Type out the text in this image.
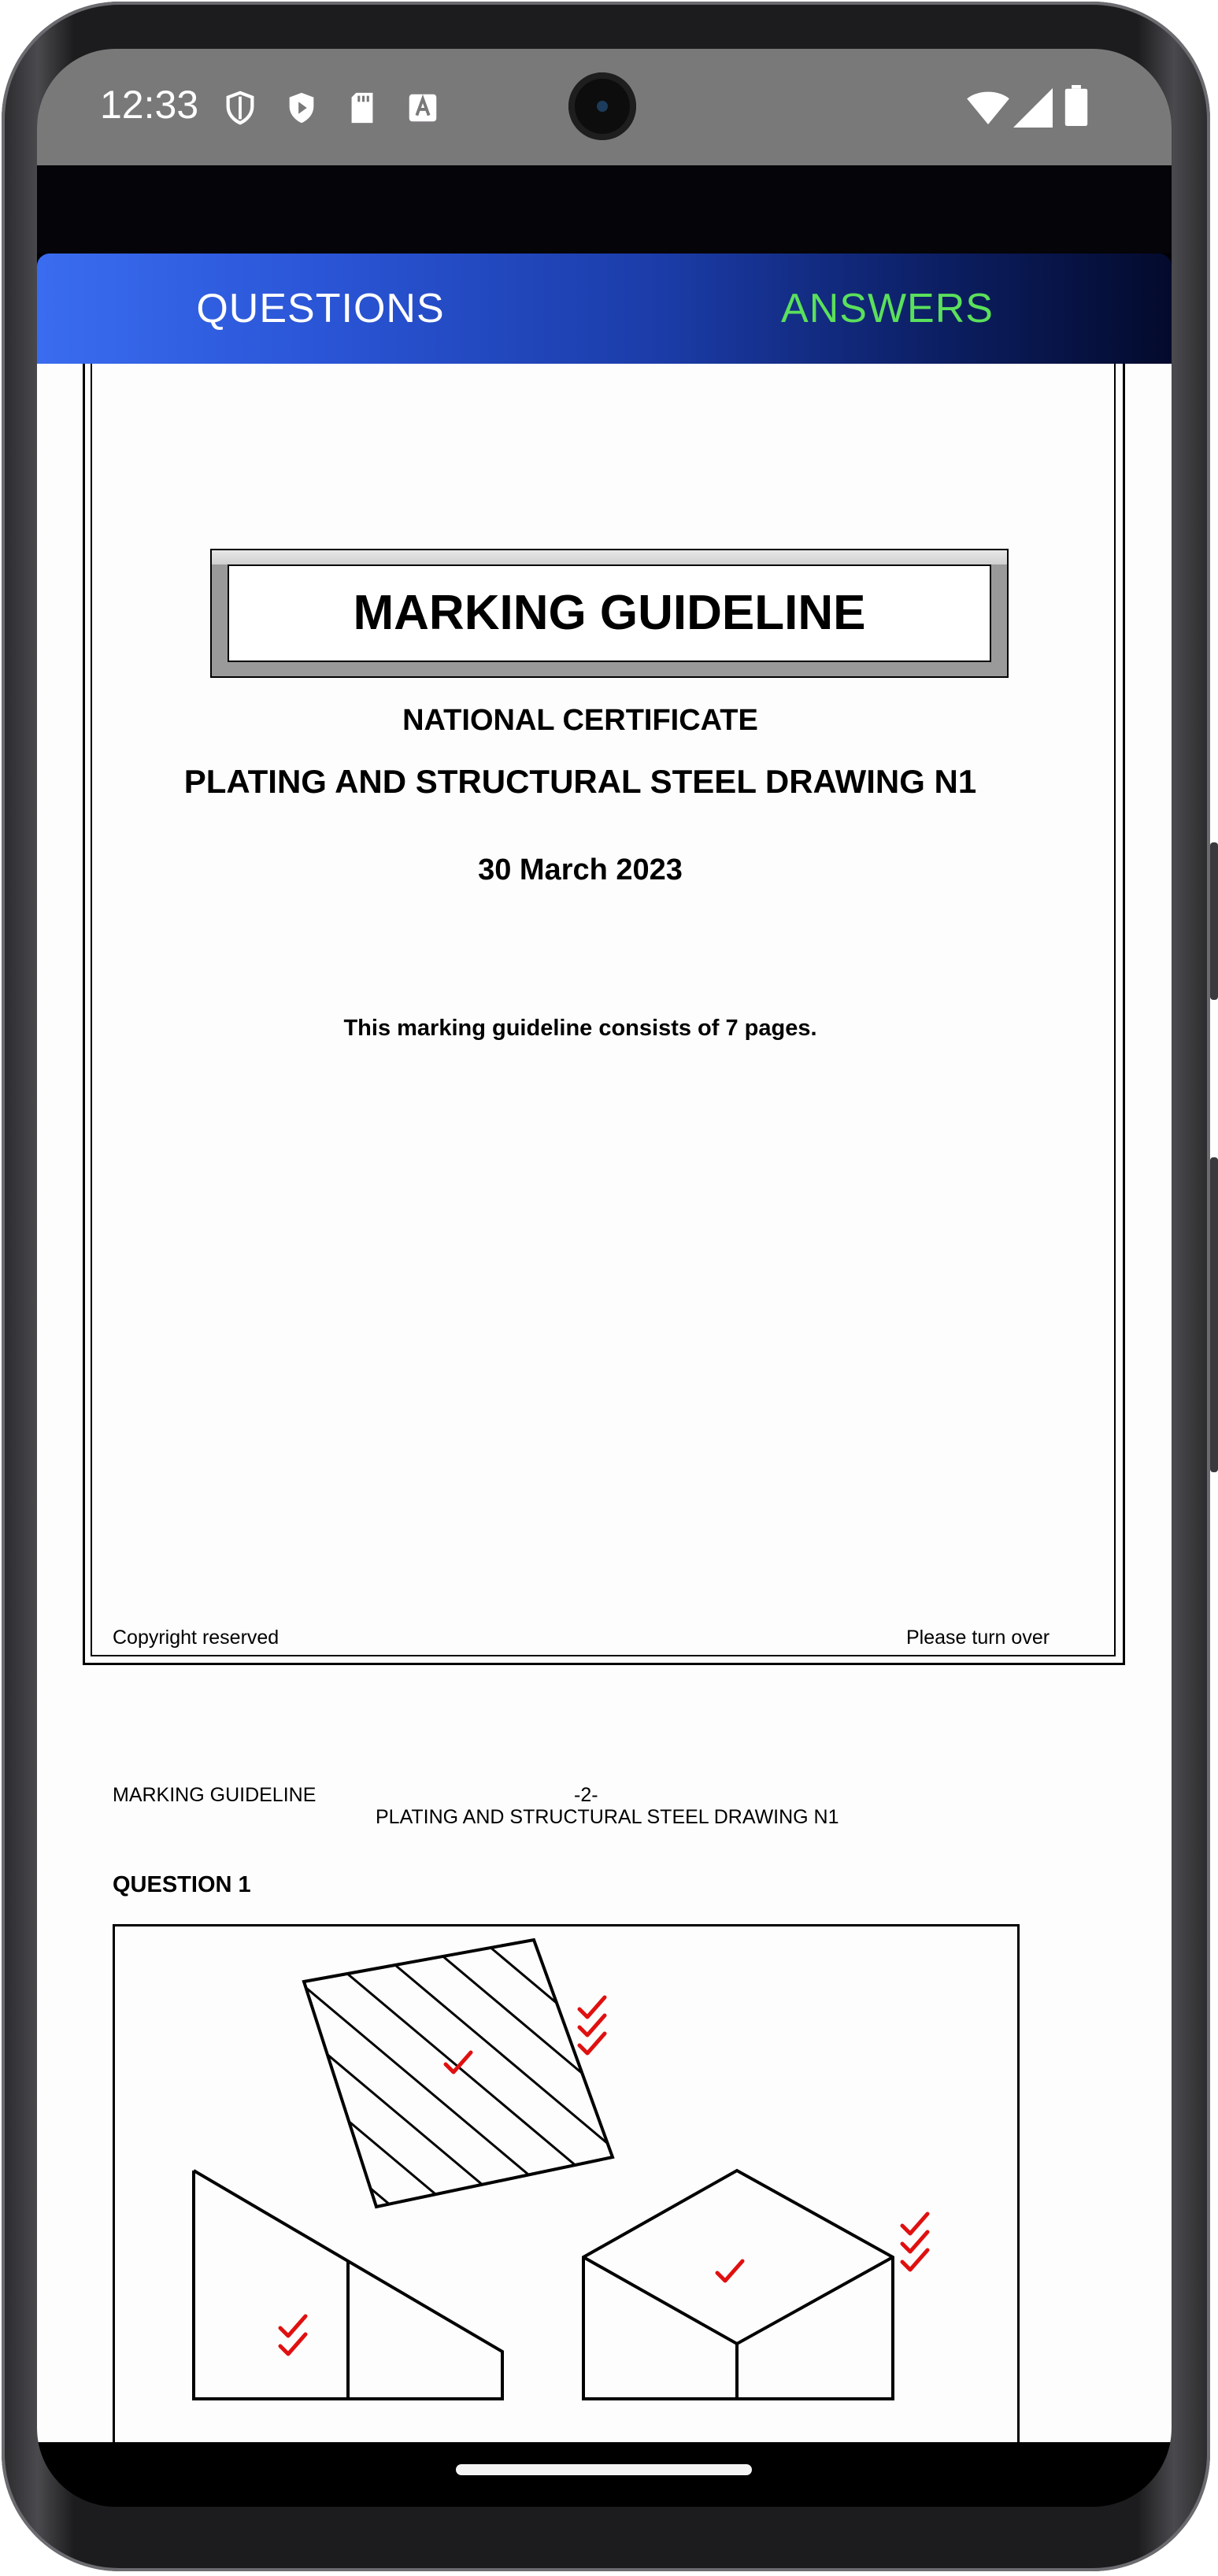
12:33
QUESTIONS	ANSWERS
MARKING GUIDELINE
NATIONAL CERTIFICATE
PLATING AND STRUCTURAL STEEL DRAWING N1
30 March 2023
This marking guideline consists of 7 pages.
Copyright reserved	Please turn over
MARKING GUIDELINE	-2-
PLATING AND STRUCTURAL STEEL DRAWING N1
QUESTION 1
